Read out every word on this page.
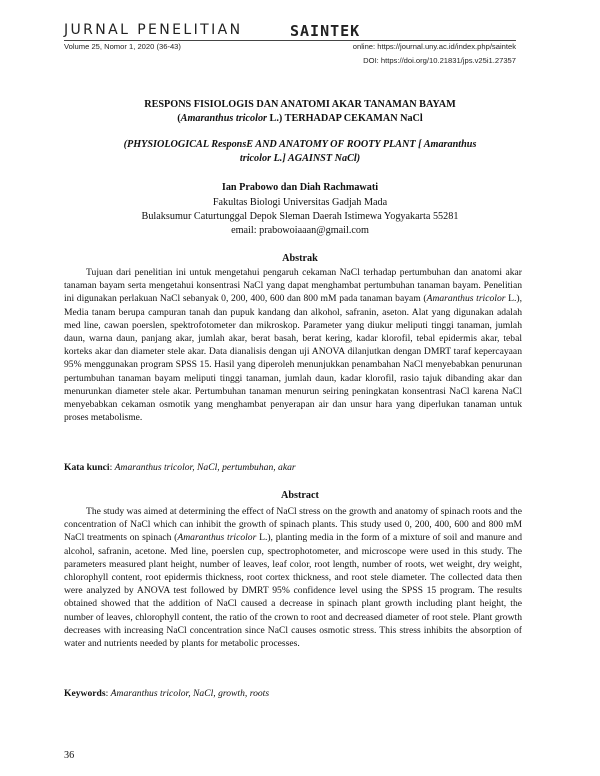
JURNAL PENELITIAN	SAINTEK
Volume 25, Nomor 1, 2020 (36-43)	online: https://journal.uny.ac.id/index.php/saintek
DOI: https://doi.org/10.21831/jps.v25i1.27357
RESPONS FISIOLOGIS DAN ANATOMI AKAR TANAMAN BAYAM
(Amaranthus tricolor L.) TERHADAP CEKAMAN NaCl
(PHYSIOLOGICAL ResponsE AND ANATOMY OF ROOTY PLANT [ Amaranthus
tricolor L.] AGAINST NaCl)
Ian Prabowo dan Diah Rachmawati
Fakultas Biologi Universitas Gadjah Mada
Bulaksumur Caturtunggal Depok Sleman Daerah Istimewa Yogyakarta 55281
email: prabowoiaaan@gmail.com
Abstrak

Tujuan dari penelitian ini untuk mengetahui pengaruh cekaman NaCl terhadap pertumbuhan dan anatomi akar tanaman bayam serta mengetahui konsentrasi NaCl yang dapat menghambat pertumbuhan tanaman bayam. Penelitian ini digunakan perlakuan NaCl sebanyak 0, 200, 400, 600 dan 800 mM pada tanaman bayam (Amaranthus tricolor L.), Media tanam berupa campuran tanah dan pupuk kandang dan alkohol, safranin, aseton. Alat yang digunakan adalah med line, cawan poerslen, spektrofotometer dan mikroskop. Parameter yang diukur meliputi tinggi tanaman, jumlah daun, warna daun, panjang akar, jumlah akar, berat basah, berat kering, kadar klorofil, tebal epidermis akar, tebal korteks akar dan diameter stele akar. Data dianalisis dengan uji ANOVA dilanjutkan dengan DMRT taraf kepercayaan 95% menggunakan program SPSS 15. Hasil yang diperoleh menunjukkan penambahan NaCl menyebabkan penurunan pertumbuhan tanaman bayam meliputi tinggi tanaman, jumlah daun, kadar klorofil, rasio tajuk dibanding akar dan menurunkan diameter stele akar. Pertumbuhan tanaman menurun seiring peningkatan konsentrasi NaCl karena NaCl menyebabkan cekaman osmotik yang menghambat penyerapan air dan unsur hara yang diperlukan tanaman untuk proses metabolisme.

Kata kunci: Amaranthus tricolor, NaCl, pertumbuhan, akar
Abstract

The study was aimed at determining the effect of NaCl stress on the growth and anatomy of spinach roots and the concentration of NaCl which can inhibit the growth of spinach plants. This study used 0, 200, 400, 600 and 800 mM NaCl treatments on spinach (Amaranthus tricolor L.), planting media in the form of a mixture of soil and manure and alcohol, safranin, acetone. Med line, poerslen cup, spectrophotometer, and microscope were used in this study. The parameters measured plant height, number of leaves, leaf color, root length, number of roots, wet weight, dry weight, chlorophyll content, root epidermis thickness, root cortex thickness, and root stele diameter. The collected data then were analyzed by ANOVA test followed by DMRT 95% confidence level using the SPSS 15 program. The results obtained showed that the addition of NaCl caused a decrease in spinach plant growth including plant height, the number of leaves, chlorophyll content, the ratio of the crown to root and decreased diameter of root stele. Plant growth decreases with increasing NaCl concentration since NaCl causes osmotic stress. This stress inhibits the absorption of water and nutrients needed by plants for metabolic processes.

Keywords: Amaranthus tricolor, NaCl, growth, roots
36
